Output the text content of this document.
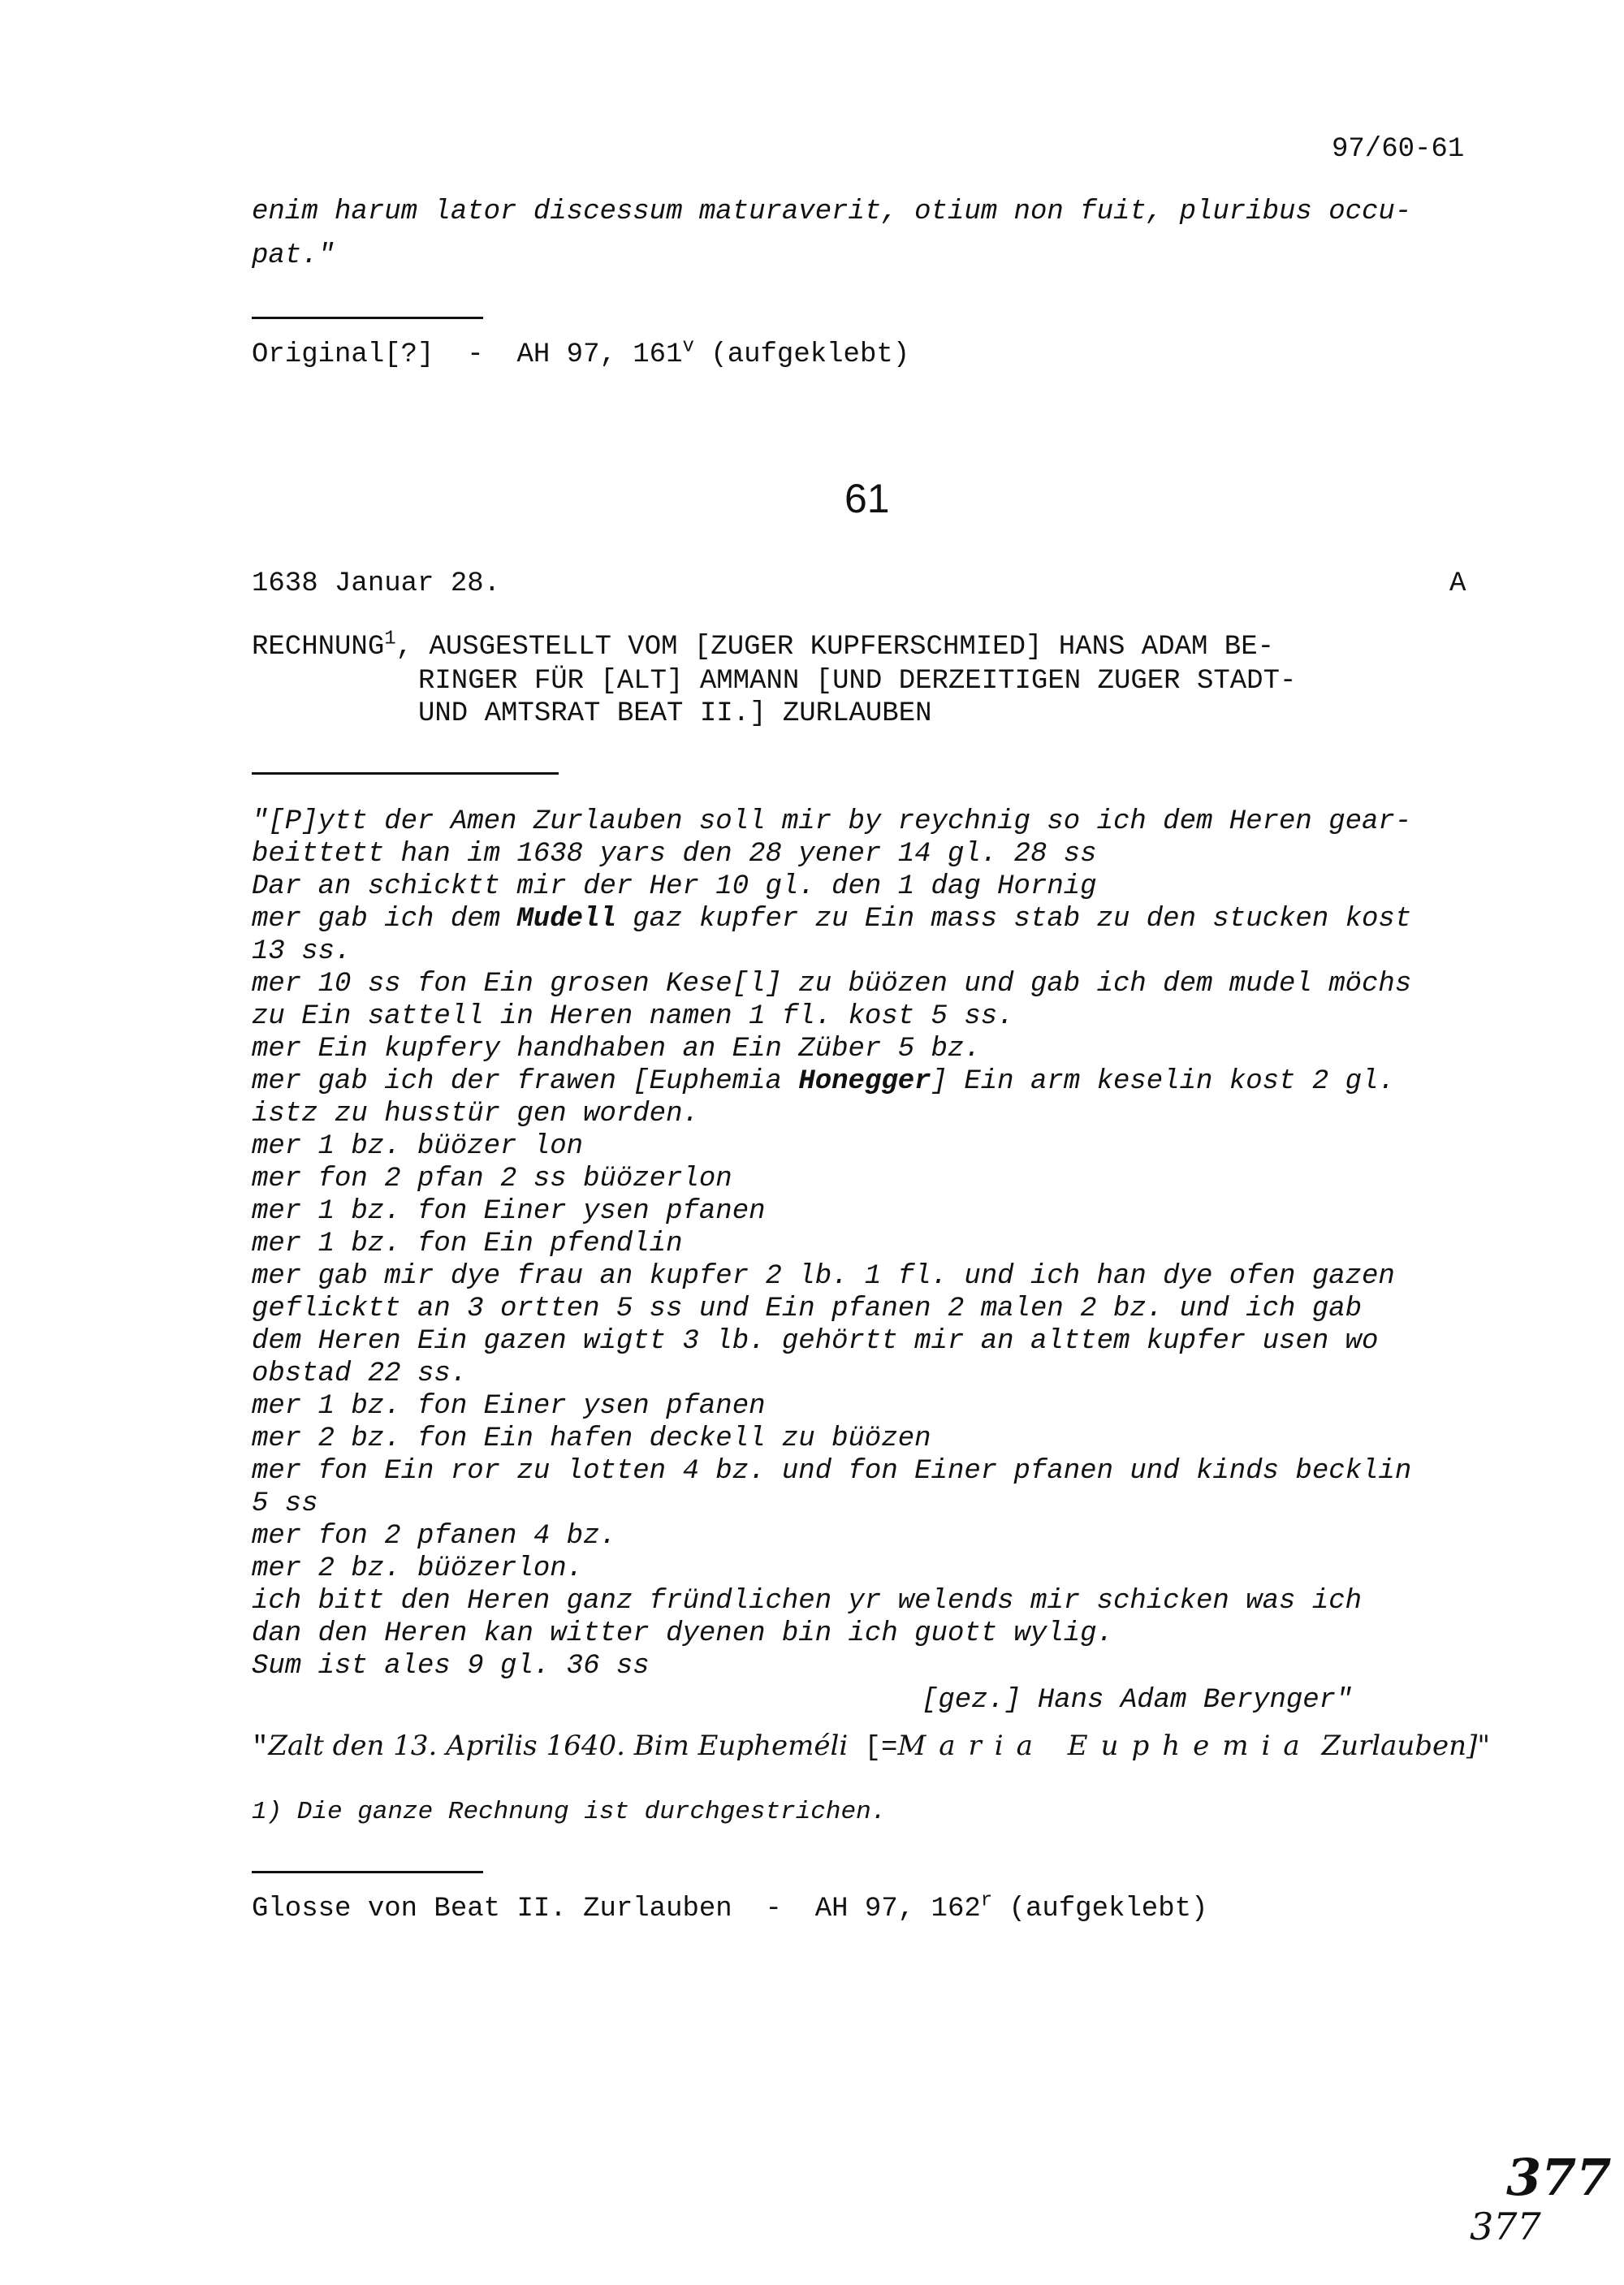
97/60-61
enim harum lator discessum maturaverit, otium non fuit, pluribus occu-
pat."
Original[?]  -  AH 97, 161$^v$ (aufgeklebt)
61
1638 Januar 28.	A
RECHNUNG$^1$, AUSGESTELLT VOM [ZUGER KUPFERSCHMIED] HANS ADAM BE-
RINGER FÜR [ALT] AMMANN [UND DERZEITIGEN ZUGER STADT-
UND AMTSRAT BEAT II.] ZURLAUBEN
"[P]ytt der Amen Zurlauben soll mir by reychnig so ich dem Heren gear-
beittett han im 1638 yars den 28 yener 14 gl. 28 ss
Dar an schicktt mir der Her 10 gl. den 1 dag Hornig
mer gab ich dem Mudell gaz kupfer zu Ein mass stab zu den stucken kost
13 ss.
mer 10 ss fon Ein grosen Kese[l] zu büözen und gab ich dem mudel möchs
zu Ein sattell in Heren namen 1 fl. kost 5 ss.
mer Ein kupfery handhaben an Ein Züber 5 bz.
mer gab ich der frawen [Euphemia Honegger] Ein arm keselin kost 2 gl.
istz zu husstür gen worden.
mer 1 bz. büözer lon
mer fon 2 pfan 2 ss büözerlon
mer 1 bz. fon Einer ysen pfanen
mer 1 bz. fon Ein pfendlin
mer gab mir dye frau an kupfer 2 lb. 1 fl. und ich han dye ofen gazen
geflicktt an 3 ortten 5 ss und Ein pfanen 2 malen 2 bz. und ich gab
dem Heren Ein gazen wigtt 3 lb. gehörtt mir an alttem kupfer usen wo
obstad 22 ss.
mer 1 bz. fon Einer ysen pfanen
mer 2 bz. fon Ein hafen deckell zu büözen
mer fon Ein ror zu lotten 4 bz. und fon Einer pfanen und kinds becklin
5 ss
mer fon 2 pfanen 4 bz.
mer 2 bz. büözerlon.
ich bitt den Heren ganz fründlichen yr welends mir schicken was ich
dan den Heren kan witter dyenen bin ich guott wylig.
Sum ist ales 9 gl. 36 ss
[gez.] Hans Adam Berynger"
"Zalt den 13. Aprilis 1640. Bim Eupheméli [=Maria Euphemia Zurlauben]"
1) Die ganze Rechnung ist durchgestrichen.
Glosse von Beat II. Zurlauben  -  AH 97, 162$^r$ (aufgeklebt)
377
377
